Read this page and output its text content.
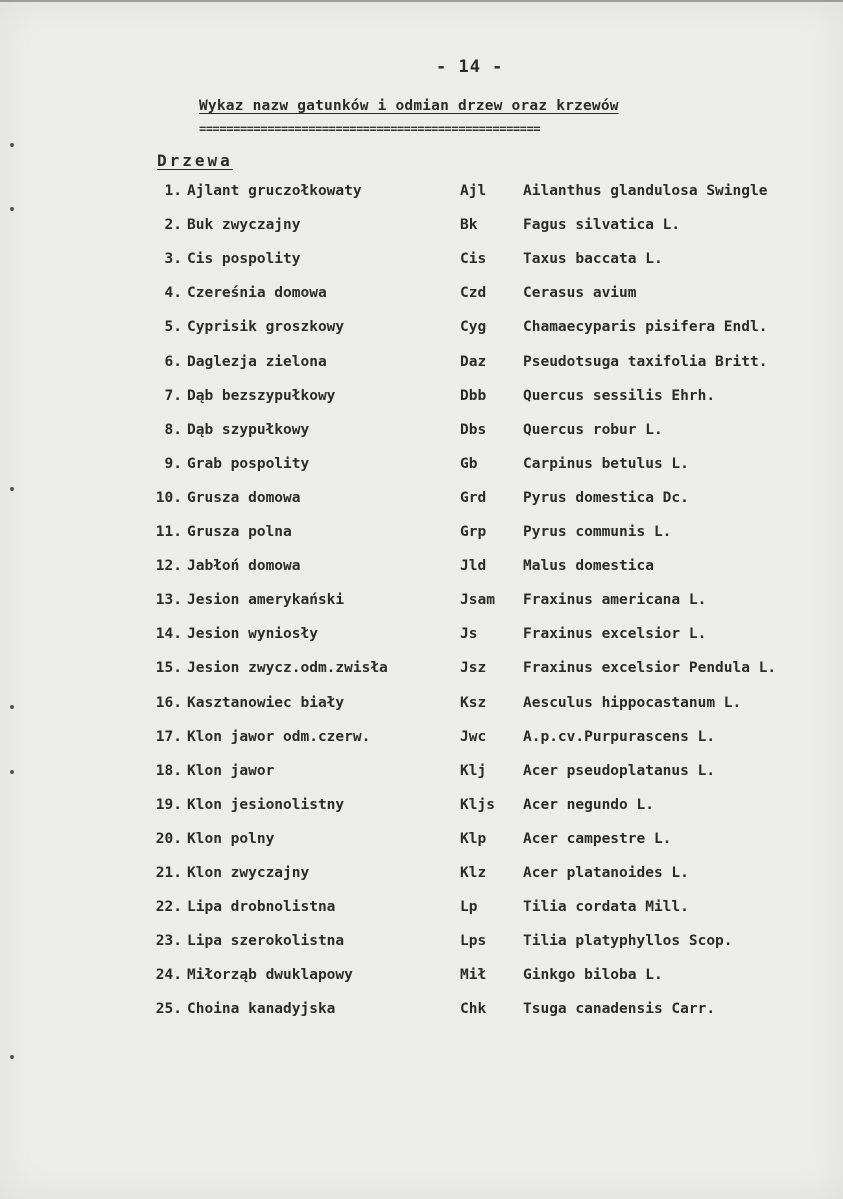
- 14 -
Wykaz nazw gatunków i odmian drzew oraz krzewów
==================================================
Drzewa
1. Ajlant gruczołkowaty	Ajl	Ailanthus glandulosa Swingle
2. Buk zwyczajny	Bk	Fagus silvatica L.
3. Cis pospolity	Cis	Taxus baccata L.
4. Czereśnia domowa	Czd	Cerasus avium
5. Cyprisik groszkowy	Cyg	Chamaecyparis pisifera Endl.
6. Daglezja zielona	Daz	Pseudotsuga taxifolia Britt.
7. Dąb bezszypułkowy	Dbb	Quercus sessilis Ehrh.
8. Dąb szypułkowy	Dbs	Quercus robur L.
9. Grab pospolity	Gb	Carpinus betulus L.
10. Grusza domowa	Grd	Pyrus domestica Dc.
11. Grusza polna	Grp	Pyrus communis L.
12. Jabłoń domowa	Jld	Malus domestica
13. Jesion amerykański	Jsam Fraxinus americana L.
14. Jesion wyniosły	Js	Fraxinus excelsior L.
15. Jesion zwycz.odm.zwisła	Jsz	Fraxinus excelsior Pendula L.
16. Kasztanowiec biały	Ksz	Aesculus hippocastanum L.
17. Klon jawor odm.czerw.	Jwc	A.p.cv.Purpurascens L.
18. Klon jawor	Klj	Acer pseudoplatanus L.
19. Klon jesionolistny	Kljs Acer negundo L.
20. Klon polny	Klp	Acer campestre L.
21. Klon zwyczajny	Klz	Acer platanoides L.
22. Lipa drobnolistna	Lp	Tilia cordata Mill.
23. Lipa szerokolistna	Lps	Tilia platyphyllos Scop.
24. Miłorząb dwuklapowy	Mił	Ginkgo biloba L.
25. Choina kanadyjska	Chk	Tsuga canadensis Carr.
